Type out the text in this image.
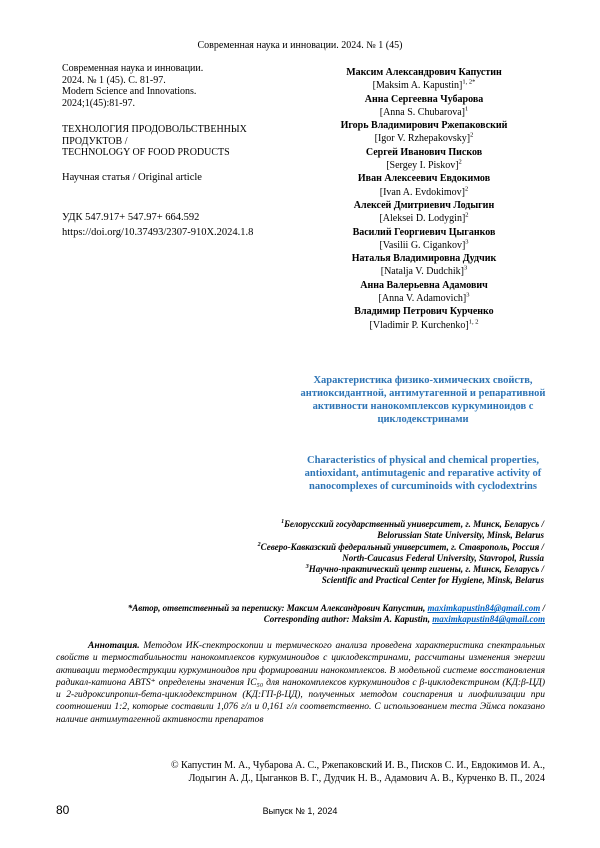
Современная наука и инновации. 2024. № 1 (45)
Современная наука и инновации.
2024. № 1 (45). С. 81-97.
Modern Science and Innovations.
2024;1(45):81-97.
ТЕХНОЛОГИЯ ПРОДОВОЛЬСТВЕННЫХ
ПРОДУКТОВ /
TECHNOLOGY OF FOOD PRODUCTS
Научная статья / Original article
УДК 547.917+ 547.97+ 664.592
https://doi.org/10.37493/2307-910X.2024.1.8
Максим Александрович Капустин
[Maksim A. Kapustin]$^{1, 2*}$
Анна Сергеевна Чубарова
[Anna S. Chubarova]$^1$
Игорь Владимирович Ржепаковский
[Igor V. Rzhepakovsky]$^2$
Сергей Иванович Писков
[Sergey I. Piskov]$^2$
Иван Алексеевич Евдокимов
[Ivan A. Evdokimov]$^2$
Алексей Дмитриевич Лодыгин
[Aleksei D. Lodygin]$^2$
Василий Георгиевич Цыганков
[Vasilii G. Cigankov]$^3$
Наталья Владимировна Дудчик
[Natalja V. Dudchik]$^3$
Анна Валерьевна Адамович
[Anna V. Adamovich]$^3$
Владимир Петрович Курченко
[Vladimir P. Kurchenko]$^{1, 2}$
Характеристика физико-химических свойств, антиоксидантной, антимутагенной и репаративной активности нанокомплексов куркуминоидов с циклодекстринами
Characteristics of physical and chemical properties, antioxidant, antimutagenic and reparative activity of nanocomplexes of curcuminoids with cyclodextrins
$^1$Белорусский государственный университет, г. Минск, Беларусь /
Belorussian State University, Minsk, Belarus
$^2$Северо-Кавказский федеральный университет, г. Ставрополь, Россия /
North-Caucasus Federal University, Stavropol, Russia
$^3$Научно-практический центр гигиены, г. Минск, Беларусь /
Scientific and Practical Center for Hygiene, Minsk, Belarus
*Автор, ответственный за переписку: Максим Александрович Капустин, maximkapustin84@gmail.com /
Corresponding author: Maksim A. Kapustin, maximkapustin84@gmail.com
Аннотация. Методом ИК-спектроскопии и термического анализа проведена характеристика спектральных свойств и термостабильности нанокомплексов куркуминоидов с циклодекстринами, рассчитаны изменения энергии активации термодеструкции куркуминоидов при формировании нанокомплексов. В модельной системе восстановления радикал-катиона ABTS⁺ определены значения IC₅₀ для нанокомплексов куркуминоидов с β-циклодекстрином (КД:β-ЦД) и 2-гидроксипропил-бета-циклодекстрином (КД:ГП-β-ЦД), полученных методом соиспарения и лиофилизации при соотношении 1:2, которые составили 1,076 г/л и 0,161 г/л соответственно. С использованием теста Эймса показано наличие антимутагенной активности препаратов
© Капустин М. А., Чубарова А. С., Ржепаковский И. В., Писков С. И., Евдокимов И. А.,
Лодыгин А. Д., Цыганков В. Г., Дудчик Н. В., Адамович А. В., Курченко В. П., 2024
80	Выпуск № 1, 2024
